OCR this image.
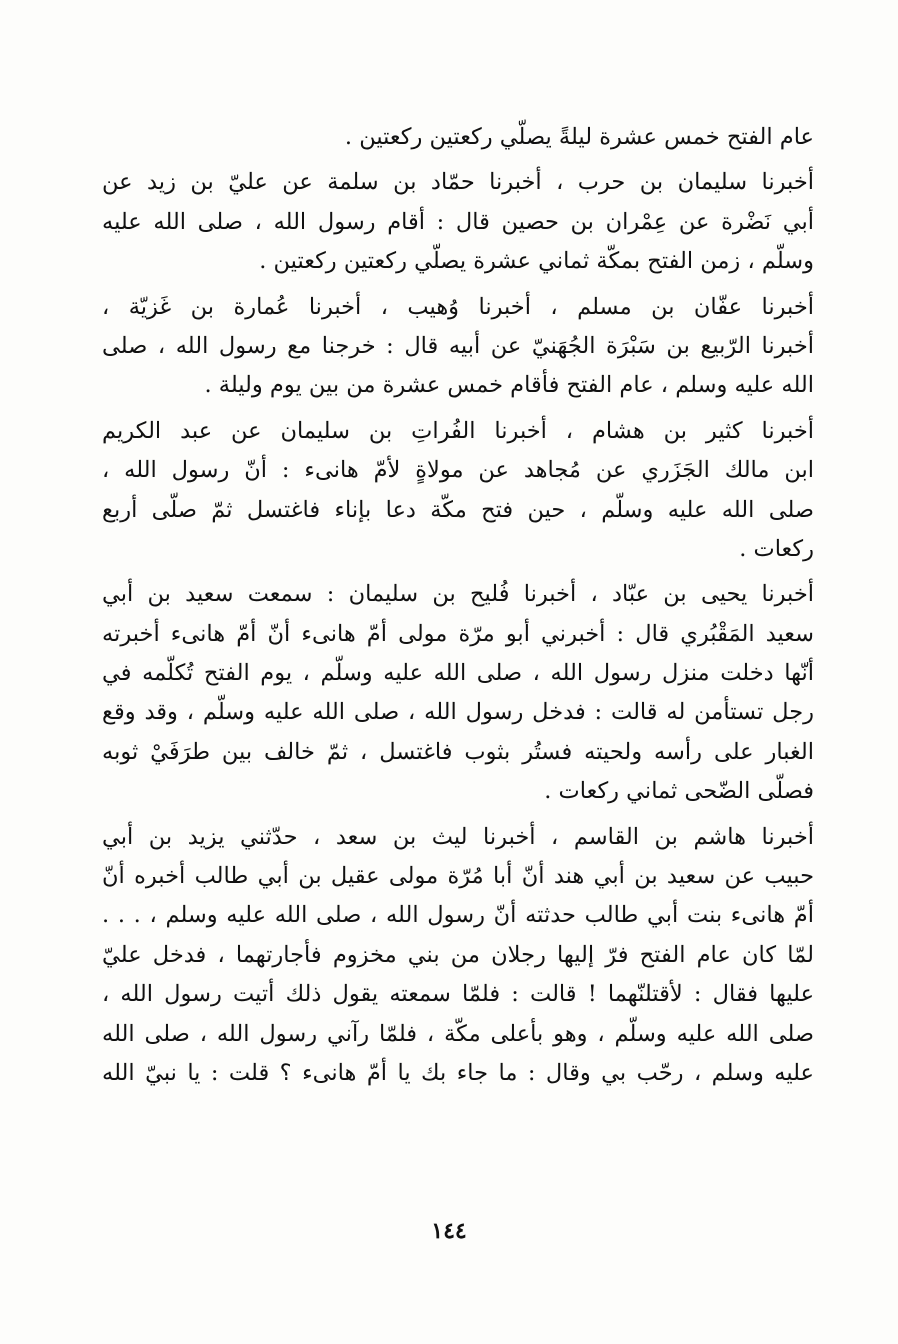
عام الفتح خمس عشرة ليلةً يصلّي ركعتين ركعتين .
أخبرنا سليمان بن حرب ، أخبرنا حمّاد بن سلمة عن عليّ بن زيد عن
أبي نَضْرة عن عِمْران بن حصين قال : أقام رسول الله ، صلى الله عليه
وسلّم ، زمن الفتح بمكّة ثماني عشرة يصلّي ركعتين ركعتين .
أخبرنا عفّان بن مسلم ، أخبرنا وُهيب ، أخبرنا عُمارة بن غَزيّة ،
أخبرنا الرّبيع بن سَبْرَة الجُهَنيّ عن أبيه قال : خرجنا مع رسول الله ، صلى
الله عليه وسلم ، عام الفتح فأقام خمس عشرة من بين يوم وليلة .
أخبرنا كثير بن هشام ، أخبرنا الفُراتِ بن سليمان عن عبد الكريم
ابن مالك الجَزَري عن مُجاهد عن مولاةٍ لأمّ هانىء : أنّ رسول الله ،
صلى الله عليه وسلّم ، حين فتح مكّة دعا بإناء فاغتسل ثمّ صلّى أربع
ركعات .
أخبرنا يحيى بن عبّاد ، أخبرنا فُليح بن سليمان : سمعت سعيد بن أبي
سعيد المَقْبُري قال : أخبرني أبو مرّة مولى أمّ هانىء أنّ أمّ هانىء أخبرته
أنّها دخلت منزل رسول الله ، صلى الله عليه وسلّم ، يوم الفتح تُكلّمه في
رجل تستأمن له قالت : فدخل رسول الله ، صلى الله عليه وسلّم ، وقد وقع
الغبار على رأسه ولحيته فستُر بثوب فاغتسل ، ثمّ خالف بين طرَفَيْ ثوبه
فصلّى الضّحى ثماني ركعات .
أخبرنا هاشم بن القاسم ، أخبرنا ليث بن سعد ، حدّثني يزيد بن أبي
حبيب عن سعيد بن أبي هند أنّ أبا مُرّة مولى عقيل بن أبي طالب أخبره أنّ
أمّ هانىء بنت أبي طالب حدثته أنّ رسول الله ، صلى الله عليه وسلم ، . . .
لمّا كان عام الفتح فرّ إليها رجلان من بني مخزوم فأجارتهما ، فدخل عليّ
عليها فقال : لأقتلنّهما ! قالت : فلمّا سمعته يقول ذلك أتيت رسول الله ،
صلى الله عليه وسلّم ، وهو بأعلى مكّة ، فلمّا رآني رسول الله ، صلى الله
عليه وسلم ، رحّب بي وقال : ما جاء بك يا أمّ هانىء ؟ قلت : يا نبيّ الله
١٤٤
